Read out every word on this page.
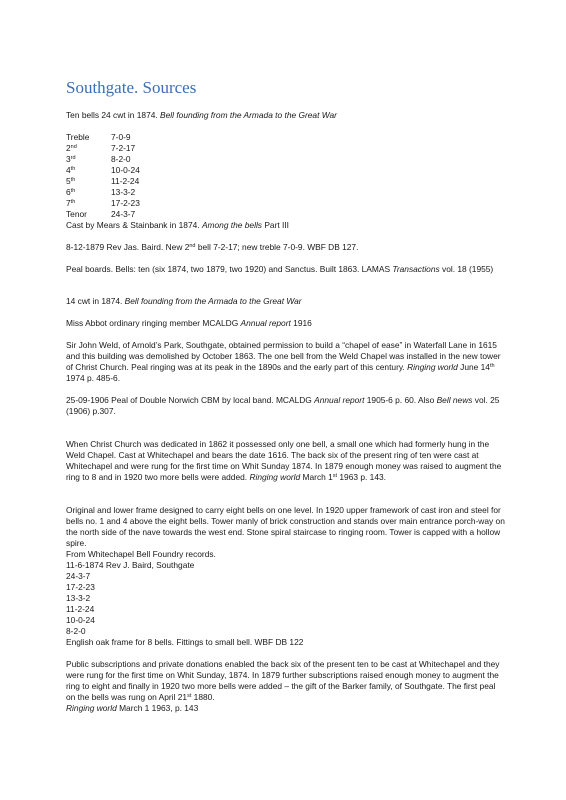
Southgate. Sources

Ten bells 24 cwt in 1874. Bell founding from the Armada to the Great War

Treble	7-0-9
2nd	7-2-17
3rd	8-2-0
4th	10-0-24
5th	11-2-24
6th	13-3-2
7th	17-2-23
Tenor	24-3-7

Cast by Mears & Stainbank in 1874. Among the bells Part III

8-12-1879 Rev Jas. Baird. New 2nd bell 7-2-17; new treble 7-0-9. WBF DB 127.

Peal boards. Bells: ten (six 1874, two 1879, two 1920) and Sanctus. Built 1863. LAMAS Transactions vol. 18 (1955)

14 cwt in 1874. Bell founding from the Armada to the Great War

Miss Abbot ordinary ringing member MCALDG Annual report 1916

Sir John Weld, of Arnold’s Park, Southgate, obtained permission to build a “chapel of ease” in Waterfall Lane in 1615 and this building was demolished by October 1863. The one bell from the Weld Chapel was installed in the new tower of Christ Church. Peal ringing was at its peak in the 1890s and the early part of this century. Ringing world June 14th 1974 p. 485-6.

25-09-1906 Peal of Double Norwich CBM by local band. MCALDG Annual report 1905-6 p. 60. Also Bell news vol. 25 (1906) p.307.

When Christ Church was dedicated in 1862 it possessed only one bell, a small one which had formerly hung in the Weld Chapel. Cast at Whitechapel and bears the date 1616. The back six of the present ring of ten were cast at Whitechapel and were rung for the first time on Whit Sunday 1874. In 1879 enough money was raised to augment the ring to 8 and in 1920 two more bells were added. Ringing world March 1st 1963 p. 143.

Original and lower frame designed to carry eight bells on one level. In 1920 upper framework of cast iron and steel for bells no. 1 and 4 above the eight bells. Tower manly of brick construction and stands over main entrance porch-way on the north side of the nave towards the west end. Stone spiral staircase to ringing room. Tower is capped with a hollow spire.
From Whitechapel Bell Foundry records.

11-6-1874 Rev J. Baird, Southgate
24-3-7
17-2-23
13-3-2
11-2-24
10-0-24
8-2-0
English oak frame for 8 bells. Fittings to small bell. WBF DB 122

Public subscriptions and private donations enabled the back six of the present ten to be cast at Whitechapel and they were rung for the first time on Whit Sunday, 1874. In 1879 further subscriptions raised enough money to augment the ring to eight and finally in 1920 two more bells were added – the gift of the Barker family, of Southgate. The first peal on the bells was rung on April 21st 1880.
Ringing world March 1 1963, p. 143
